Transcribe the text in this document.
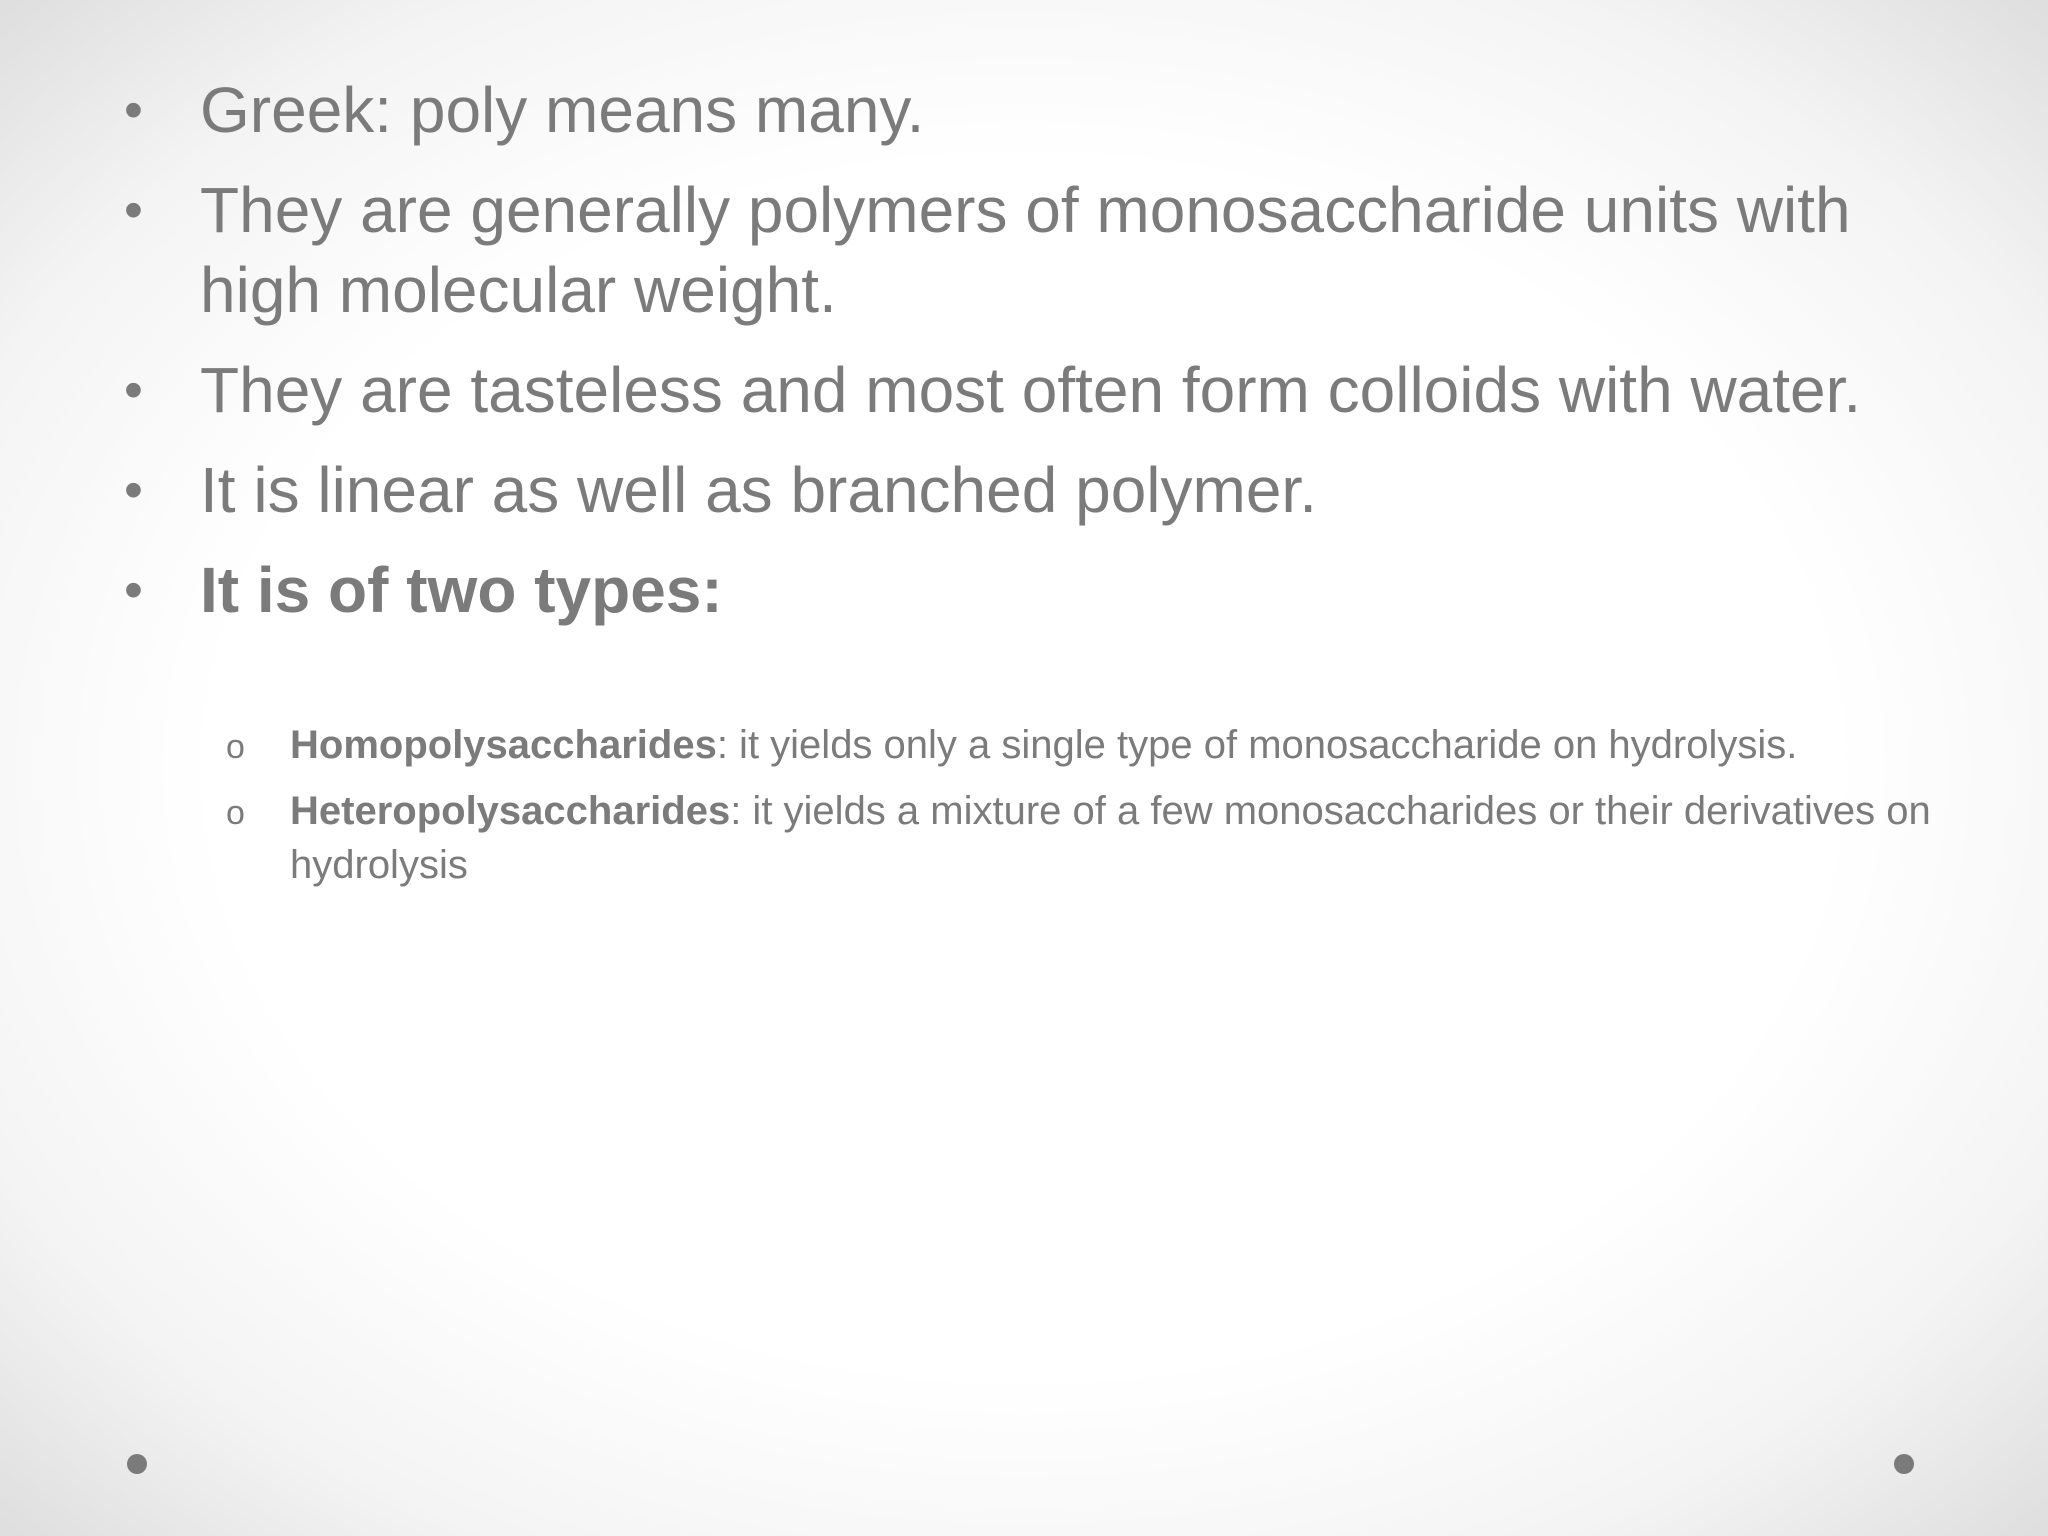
• Greek: poly means many.
• They are generally polymers of monosaccharide units with high molecular weight.
• They are tasteless and most often form colloids with water.
• It is linear as well as branched polymer.
• It is of two types:
o Homopolysaccharides: it yields only a single type of monosaccharide on hydrolysis.
o Heteropolysaccharides: it yields a mixture of a few monosaccharides or their derivatives on hydrolysis
